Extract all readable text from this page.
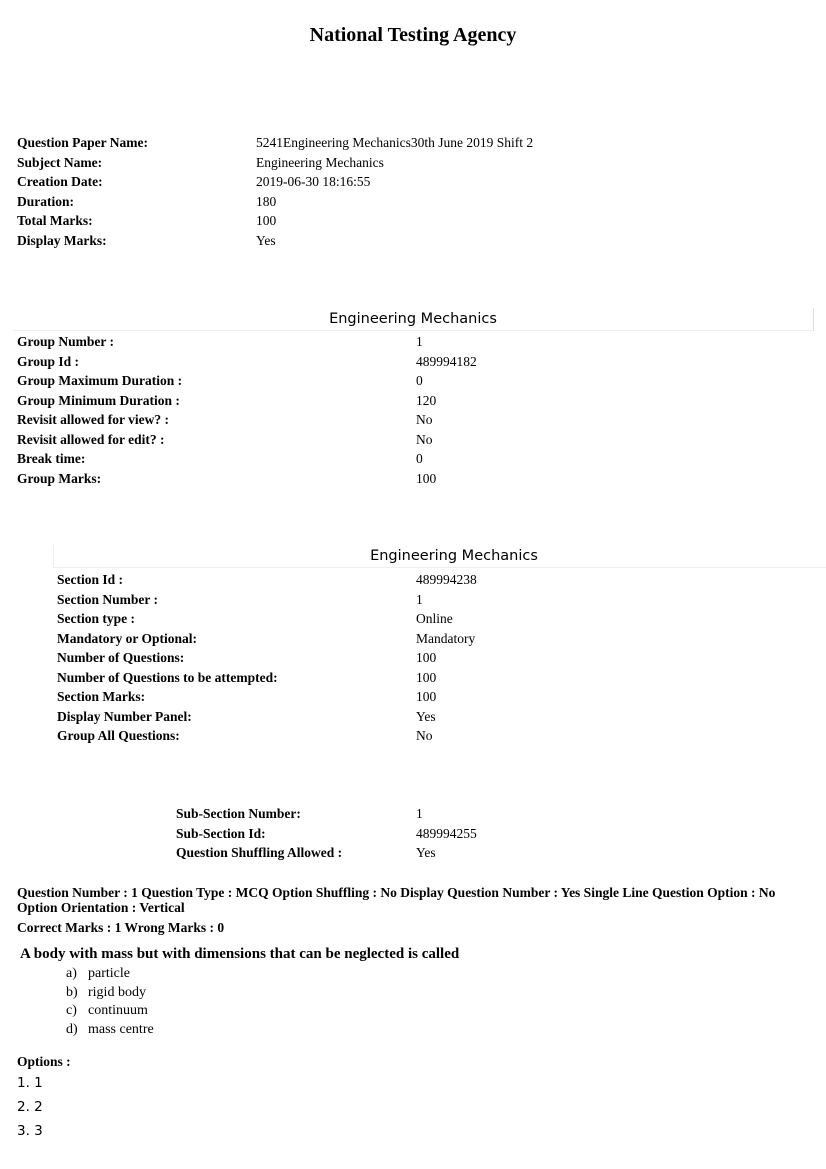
National Testing Agency
Question Paper Name:	5241Engineering Mechanics30th June 2019 Shift 2
Subject Name:	Engineering Mechanics
Creation Date:	2019-06-30 18:16:55
Duration:	180
Total Marks:	100
Display Marks:	Yes
Engineering Mechanics
Group Number :	1
Group Id :	489994182
Group Maximum Duration :	0
Group Minimum Duration :	120
Revisit allowed for view? :	No
Revisit allowed for edit? :	No
Break time:	0
Group Marks:	100
Engineering Mechanics
Section Id :	489994238
Section Number :	1
Section type :	Online
Mandatory or Optional:	Mandatory
Number of Questions:	100
Number of Questions to be attempted:	100
Section Marks:	100
Display Number Panel:	Yes
Group All Questions:	No
Sub-Section Number:	1
Sub-Section Id:	489994255
Question Shuffling Allowed :	Yes
Question Number : 1 Question Type : MCQ Option Shuffling : No Display Question Number : Yes Single Line Question Option : No Option Orientation : Vertical
Correct Marks : 1 Wrong Marks : 0
A body with mass but with dimensions that can be neglected is called
a) particle
b) rigid body
c) continuum
d) mass centre
Options :
1. 1
2. 2
3. 3
